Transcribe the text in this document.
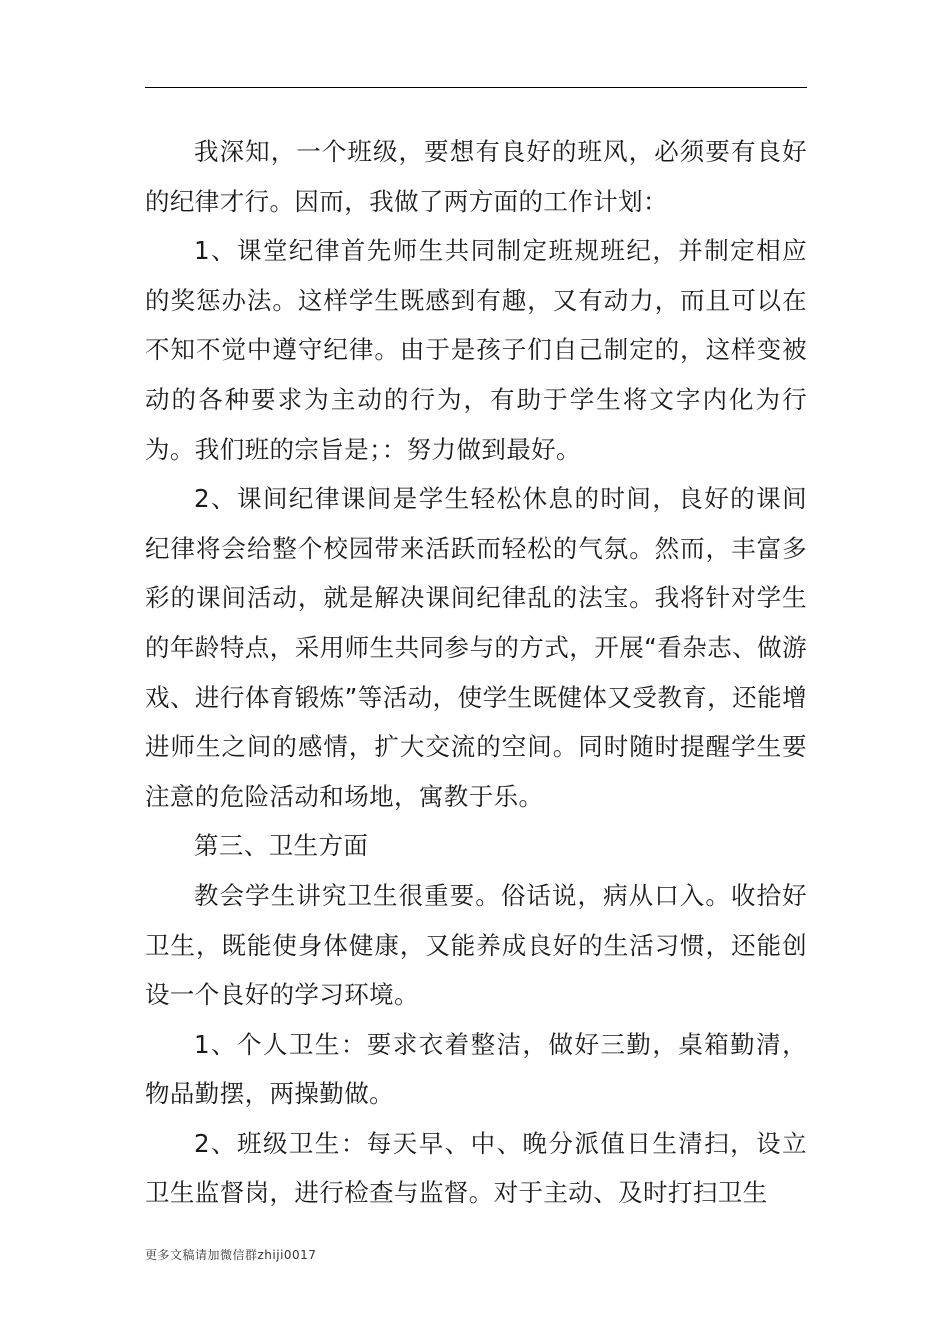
我深知，一个班级，要想有良好的班风，必须要有良好的纪律才行。因而，我做了两方面的工作计划：

1、课堂纪律首先师生共同制定班规班纪，并制定相应的奖惩办法。这样学生既感到有趣，又有动力，而且可以在不知不觉中遵守纪律。由于是孩子们自己制定的，这样变被动的各种要求为主动的行为，有助于学生将文字内化为行为。我们班的宗旨是；：努力做到最好。

2、课间纪律课间是学生轻松休息的时间，良好的课间纪律将会给整个校园带来活跃而轻松的气氛。然而，丰富多彩的课间活动，就是解决课间纪律乱的法宝。我将针对学生的年龄特点，采用师生共同参与的方式，开展“看杂志、做游戏、进行体育锻炼”等活动，使学生既健体又受教育，还能增进师生之间的感情，扩大交流的空间。同时随时提醒学生要注意的危险活动和场地，寓教于乐。

第三、卫生方面

教会学生讲究卫生很重要。俗话说，病从口入。收拾好卫生，既能使身体健康，又能养成良好的生活习惯，还能创设一个良好的学习环境。

1、个人卫生：要求衣着整洁，做好三勤，桌箱勤清，物品勤摆，两操勤做。

2、班级卫生：每天早、中、晚分派值日生清扫，设立卫生监督岗，进行检查与监督。对于主动、及时打扫卫生

更多文稿请加微信群zhiji0017
